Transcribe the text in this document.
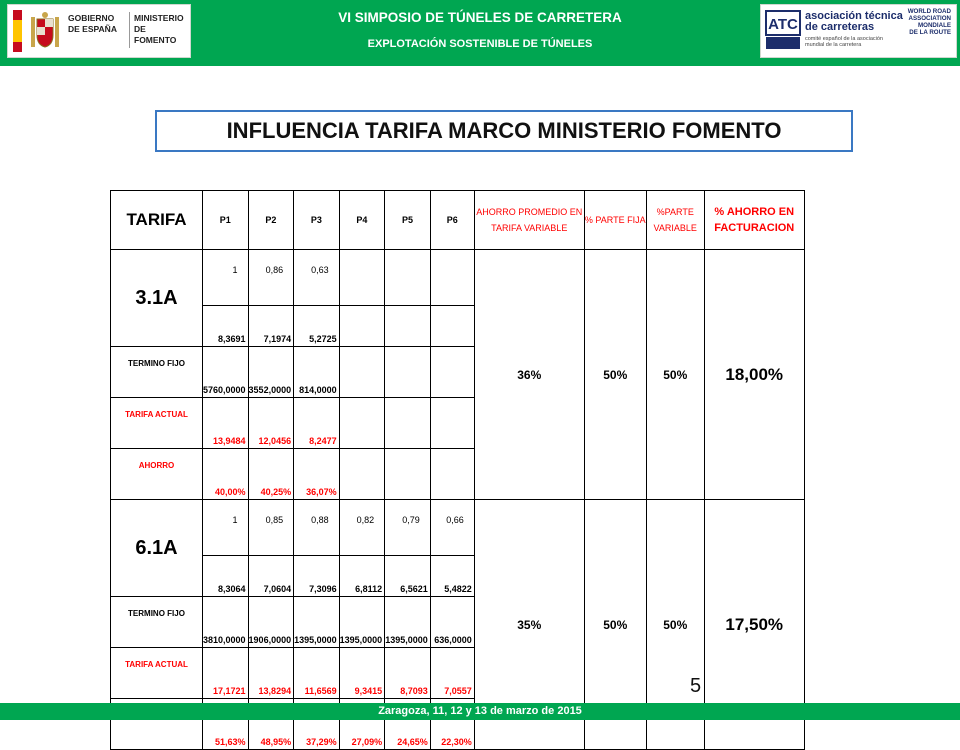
GOBIERNO
DE ESPAÑA
MINISTERIO
DE FOMENTO
VI SIMPOSIO DE TÚNELES DE CARRETERA
EXPLOTACIÓN SOSTENIBLE DE TÚNELES
ATC asociación técnica
de carreteras
comité español de la asociación mundial de la carretera
WORLD ROAD
ASSOCIATION
MONDIALE
DE LA ROUTE
INFLUENCIA TARIFA MARCO MINISTERIO FOMENTO
TARIFA	P1	P2	P3	P4	P5	P6	AHORRO PROMEDIO EN TARIFA VARIABLE	% PARTE FIJA	%PARTE VARIABLE	% AHORRO EN FACTURACION
3.1A	1	0,86	0,63				36%	50%	50%	18,00%
	8,3691	7,1974	5,2725							
TERMINO FIJO	5760,0000	3552,0000	814,0000							
TARIFA ACTUAL	13,9484	12,0456	8,2477							
AHORRO	40,00%	40,25%	36,07%							
6.1A	1	0,85	0,88	0,82	0,79	0,66	35%	50%	50%	17,50%
	8,3064	7,0604	7,3096	6,8112	6,5621	5,4822				
TERMINO FIJO	3810,0000	1906,0000	1395,0000	1395,0000	1395,0000	636,0000				
TARIFA ACTUAL	17,1721	13,8294	11,6569	9,3415	8,7093	7,0557				
	51,63%	48,95%	37,29%	27,09%	24,65%	22,30%				
5
Zaragoza, 11, 12 y 13 de marzo de 2015
